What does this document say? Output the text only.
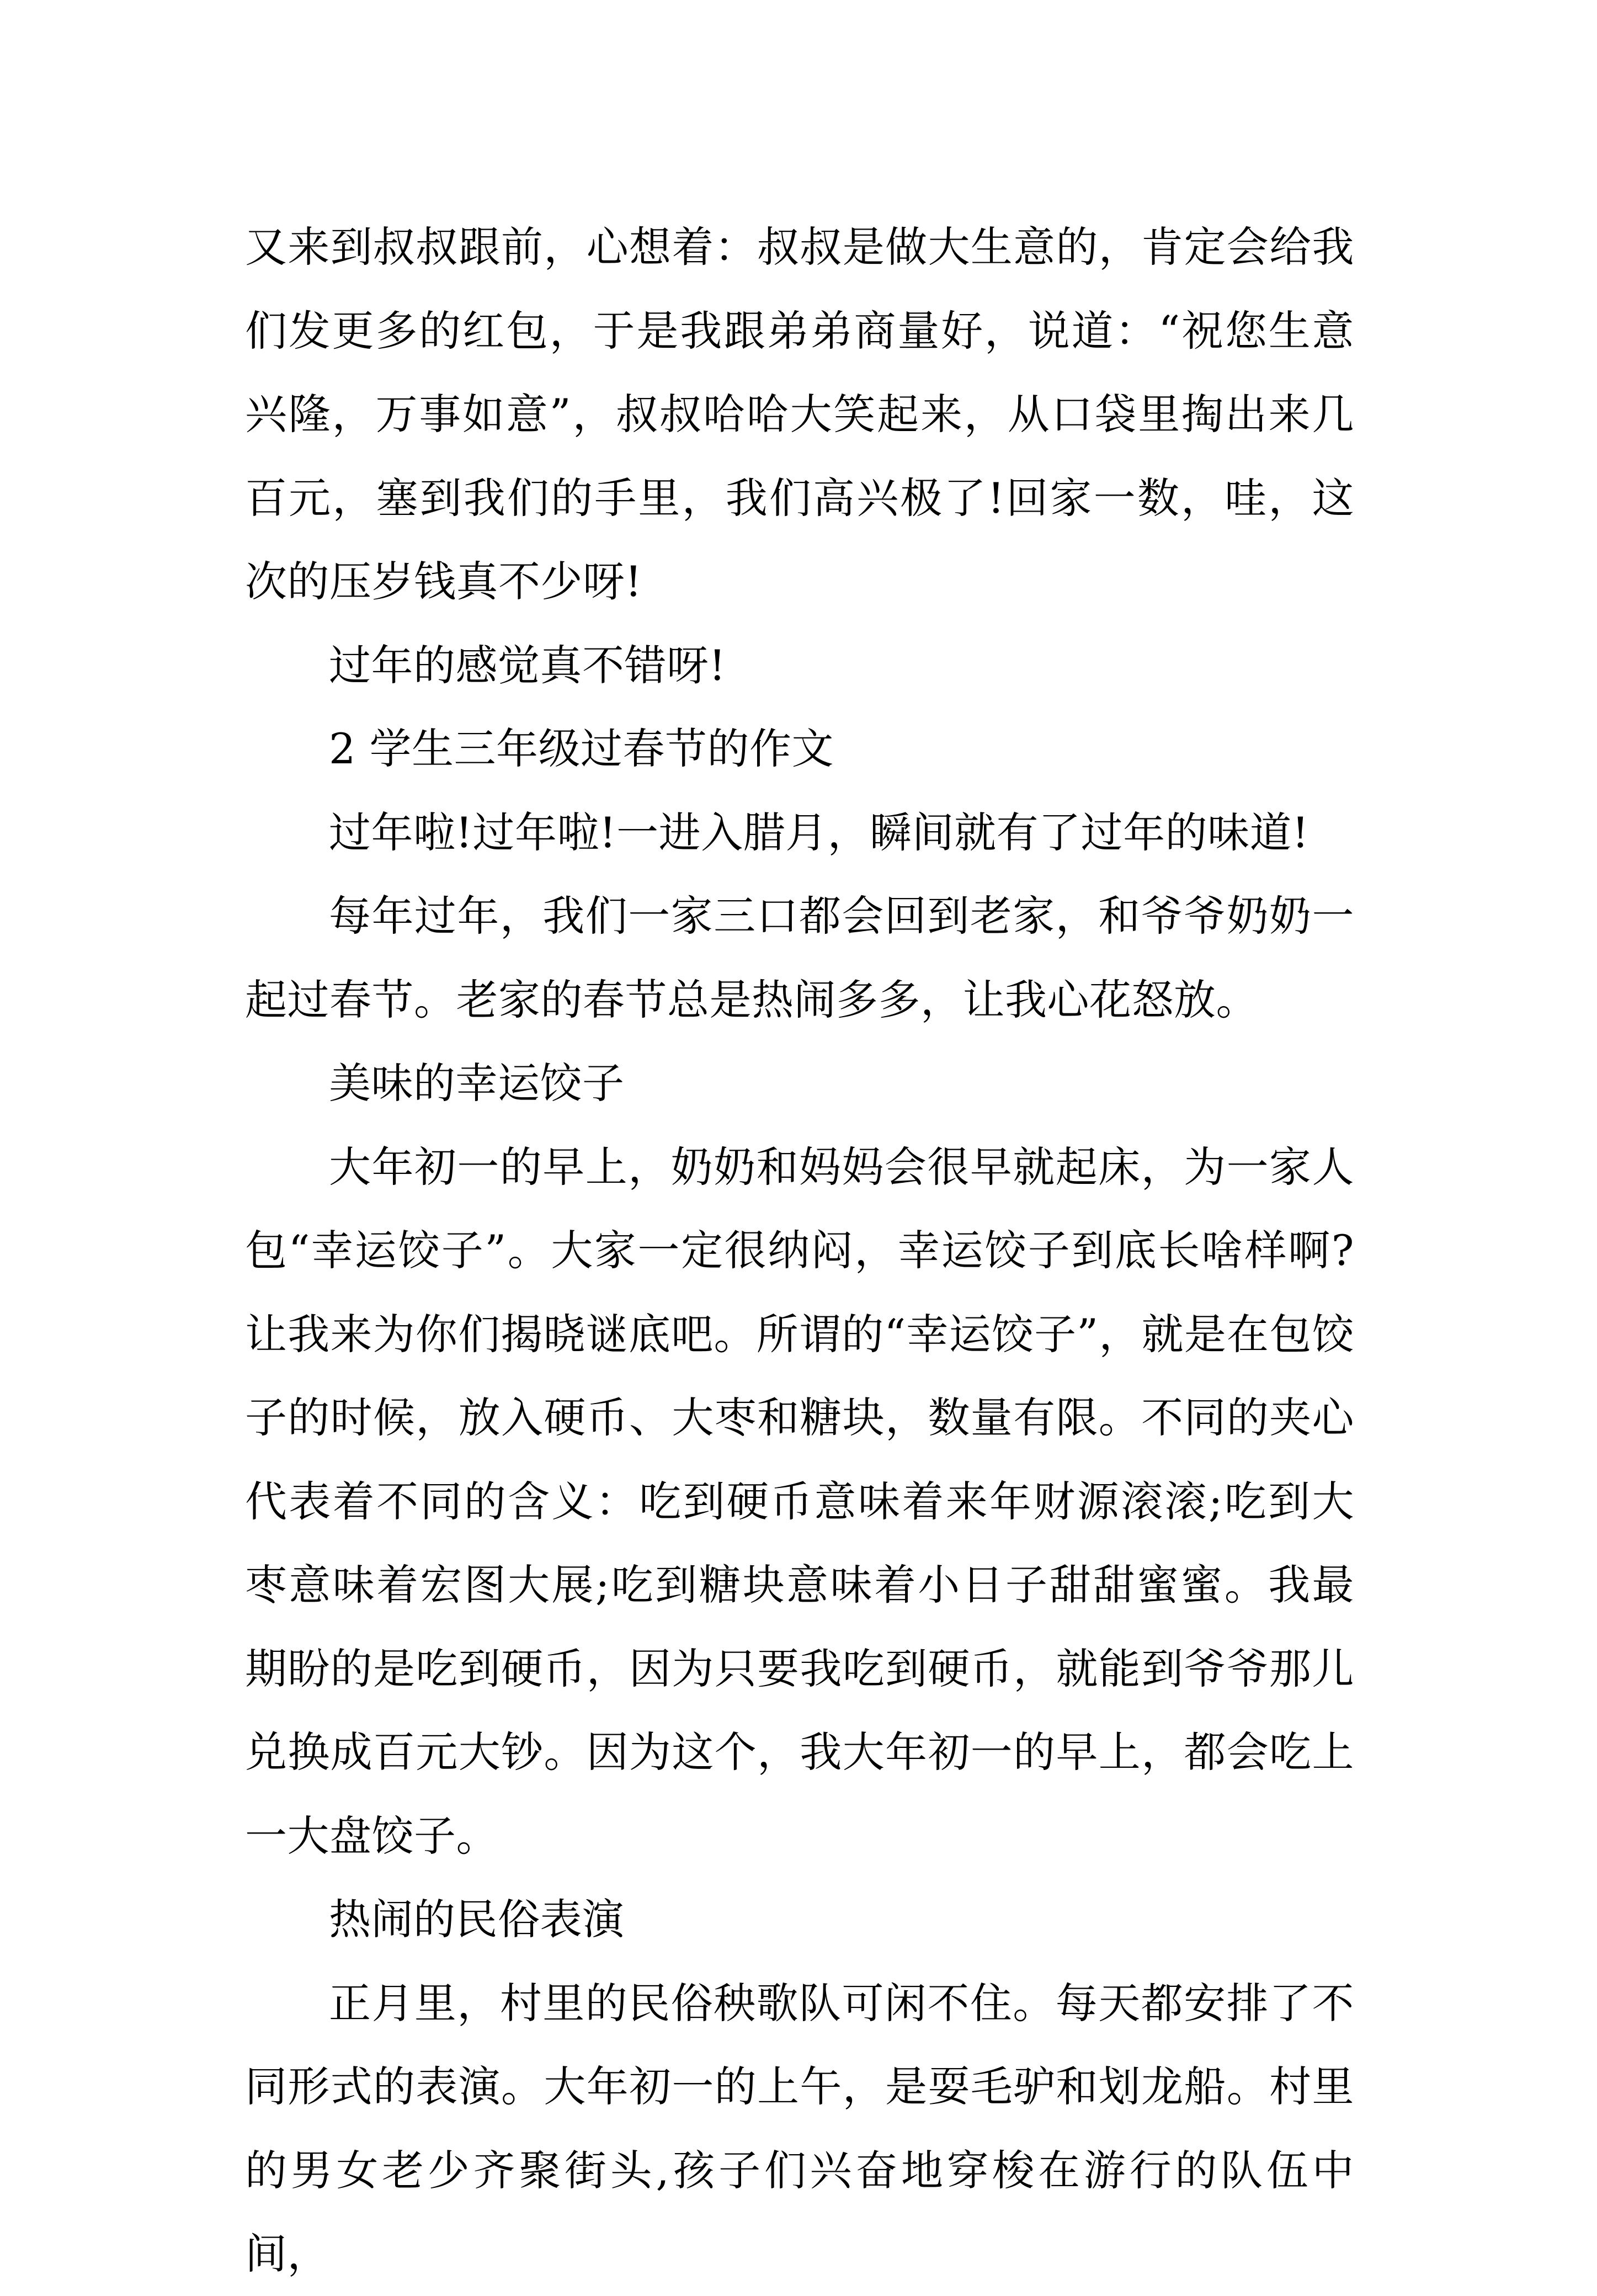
又来到叔叔跟前，心想着：叔叔是做大生意的，肯定会给我们发更多的红包，于是我跟弟弟商量好，说道：“祝您生意兴隆，万事如意”，叔叔哈哈大笑起来，从口袋里掏出来几百元，塞到我们的手里，我们高兴极了!回家一数，哇，这次的压岁钱真不少呀!

过年的感觉真不错呀!

2 学生三年级过春节的作文

过年啦!过年啦!一进入腊月，瞬间就有了过年的味道!

每年过年，我们一家三口都会回到老家，和爷爷奶奶一起过春节。老家的春节总是热闹多多，让我心花怒放。

美味的幸运饺子

大年初一的早上，奶奶和妈妈会很早就起床，为一家人包“幸运饺子”。大家一定很纳闷，幸运饺子到底长啥样啊?让我来为你们揭晓谜底吧。所谓的“幸运饺子”，就是在包饺子的时候，放入硬币、大枣和糖块，数量有限。不同的夹心代表着不同的含义：吃到硬币意味着来年财源滚滚;吃到大枣意味着宏图大展;吃到糖块意味着小日子甜甜蜜蜜。我最期盼的是吃到硬币，因为只要我吃到硬币，就能到爷爷那儿兑换成百元大钞。因为这个，我大年初一的早上，都会吃上一大盘饺子。

热闹的民俗表演

正月里，村里的民俗秧歌队可闲不住。每天都安排了不同形式的表演。大年初一的上午，是耍毛驴和划龙船。村里的男女老少齐聚街头,孩子们兴奋地穿梭在游行的队伍中间，
